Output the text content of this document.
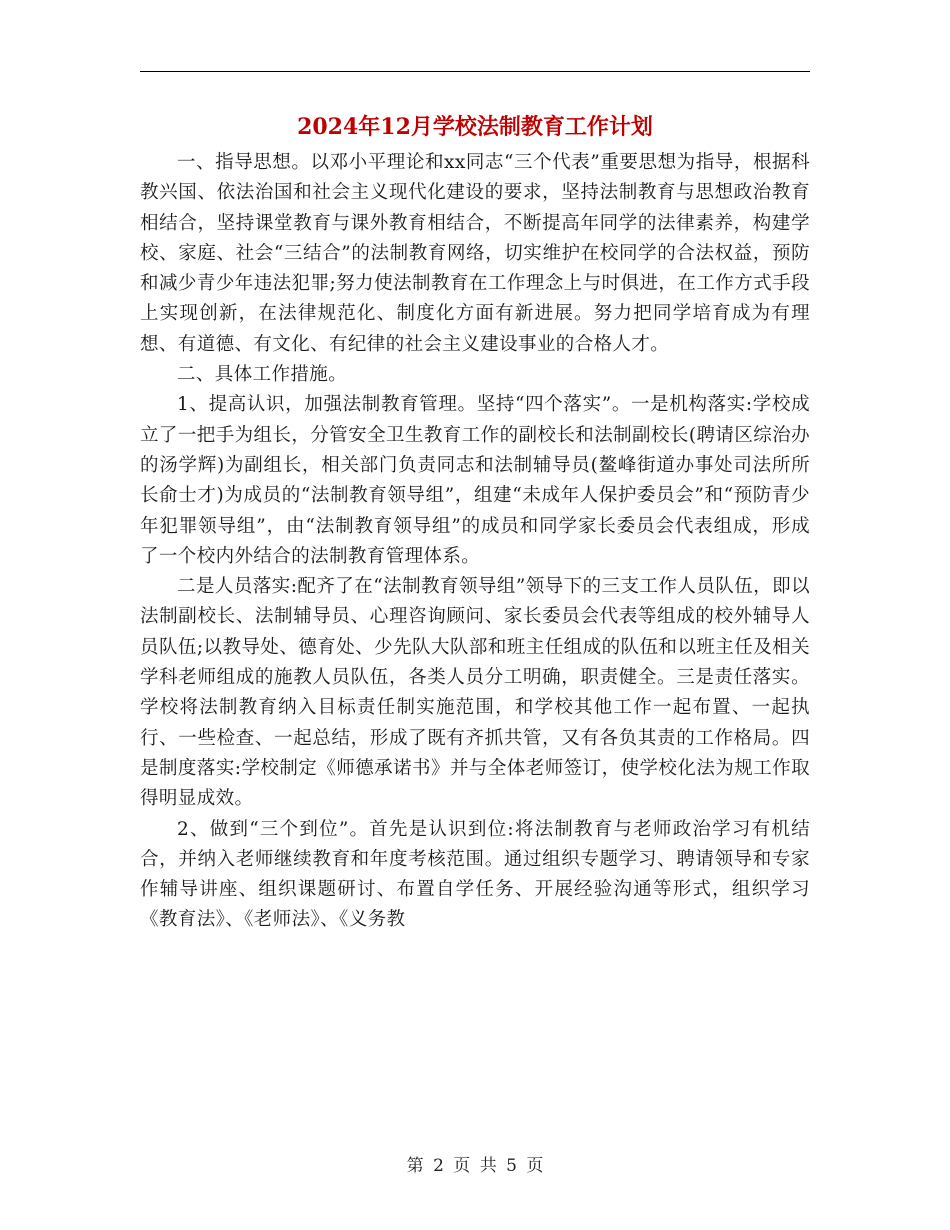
2024年12月学校法制教育工作计划

一、指导思想。以邓小平理论和xx同志“三个代表”重要思想为指导，根据科教兴国、依法治国和社会主义现代化建设的要求，坚持法制教育与思想政治教育相结合，坚持课堂教育与课外教育相结合，不断提高年同学的法律素养，构建学校、家庭、社会“三结合”的法制教育网络，切实维护在校同学的合法权益，预防和减少青少年违法犯罪;努力使法制教育在工作理念上与时俱进，在工作方式手段上实现创新，在法律规范化、制度化方面有新进展。努力把同学培育成为有理想、有道德、有文化、有纪律的社会主义建设事业的合格人才。

二、具体工作措施。

1、提高认识，加强法制教育管理。坚持“四个落实”。一是机构落实:学校成立了一把手为组长，分管安全卫生教育工作的副校长和法制副校长(聘请区综治办的汤学辉)为副组长，相关部门负责同志和法制辅导员(鳌峰街道办事处司法所所长俞士才)为成员的“法制教育领导组”，组建“未成年人保护委员会”和“预防青少年犯罪领导组”，由“法制教育领导组”的成员和同学家长委员会代表组成，形成了一个校内外结合的法制教育管理体系。

二是人员落实:配齐了在“法制教育领导组”领导下的三支工作人员队伍，即以法制副校长、法制辅导员、心理咨询顾问、家长委员会代表等组成的校外辅导人员队伍;以教导处、德育处、少先队大队部和班主任组成的队伍和以班主任及相关学科老师组成的施教人员队伍，各类人员分工明确，职责健全。三是责任落实。学校将法制教育纳入目标责任制实施范围，和学校其他工作一起布置、一起执行、一些检查、一起总结，形成了既有齐抓共管，又有各负其责的工作格局。四是制度落实:学校制定《师德承诺书》并与全体老师签订，使学校化法为规工作取得明显成效。

2、做到“三个到位”。首先是认识到位:将法制教育与老师政治学习有机结合，并纳入老师继续教育和年度考核范围。通过组织专题学习、聘请领导和专家作辅导讲座、组织课题研讨、布置自学任务、开展经验沟通等形式，组织学习《教育法》、《老师法》、《义务教

第 2 页 共 5 页
